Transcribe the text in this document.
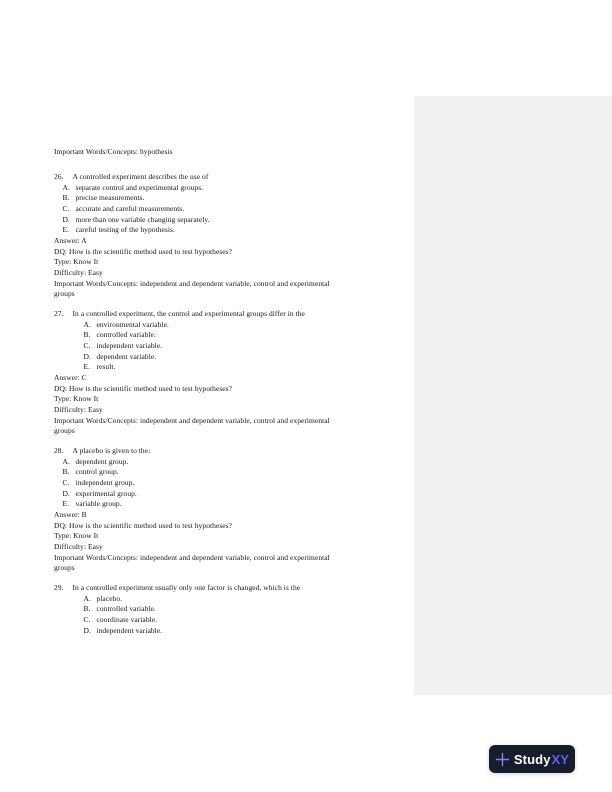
Important Words/Concepts: hypothesis
26.	A controlled experiment describes the use of
A. separate control and experimental groups.
B. precise measurements.
C. accurate and careful measurements.
D. more than one variable changing separately.
E. careful testing of the hypothesis.
Answer: A
DQ: How is the scientific method used to test hypotheses?
Type: Know It
Difficulty: Easy
Important Words/Concepts: independent and dependent variable, control and experimental
groups
27.	In a controlled experiment, the control and experimental groups differ in the
A. environmental variable.
B. controlled variable.
C. independent variable.
D. dependent variable.
E. result.
Answer: C
DQ: How is the scientific method used to test hypotheses?
Type: Know It
Difficulty: Easy
Important Words/Concepts: independent and dependent variable, control and experimental
groups
28.	A placebo is given to the:
A. dependent group.
B. control group.
C. independent group.
D. experimental group.
E. variable group.
Answer: B
DQ: How is the scientific method used to test hypotheses?
Type: Know It
Difficulty: Easy
Important Words/Concepts: independent and dependent variable, control and experimental
groups
29.	In a controlled experiment usually only one factor is changed, which is the
A. placebo.
B. controlled variable.
C. coordinate variable.
D. independent variable.
Study XY
